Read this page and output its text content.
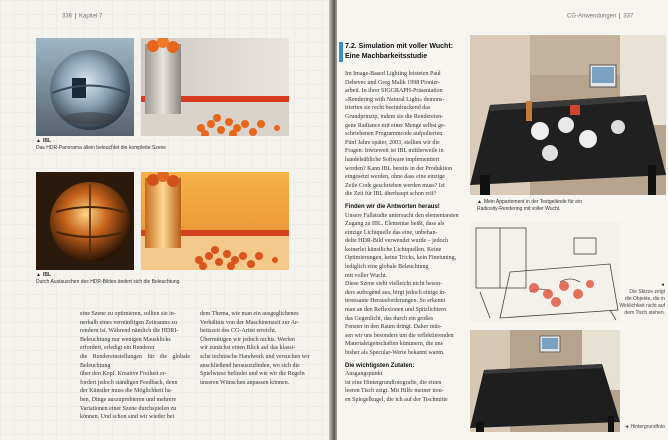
336 Kapitel 7
▲ IBL
Das HDR-Panorama allein beleuchtet die komplette Szene
▲ IBL
Durch Austauschen des HDR-Bildes ändert sich die Beleuchtung.
eine Szene zu optimieren, sollten sie in-
nerhalb eines vernünftigen Zeitraums zu
rendern ist. Während nämlich die HDRI-
Beleuchtung nur wenigen Mausklicks
erfordert, erledigt ein Renderer
die Rendereinstellungen für die globale Beleuchtung
über den Kopf. Kreative Freiheit er-
fordert jedoch ständigen Feedback, denn
der Künstler muss die Möglichkeit ha-
ben, Dinge auszuprobieren und mehrere
Variationen einer Szene durchspielen zu
können. Und schon sind wir wieder bei
dem Thema, wie man ein ausgeglichenes
Verhältnis von der Maschinenzeit zur Ar-
beitszeit des CG-Artist erreicht.
Übermütigen wir jedoch nichts. Werfen
wir zunächst einen Blick auf das klassi-
sche technische Handwerk und versuchen wir
anschließend herauszufinden, wo sich die
Spielwiese befindet und wie wir die Regeln
unseren Wünschen anpassen können.
CG-Anwendungen 337
7.2. Simulation mit voller Wucht:
Eine Machbarkeitsstudie
Im Image-Based Lighting leisteten Paul
Debevec und Greg Malik 1998 Pionier-
arbeit. In ihrer SIGGRAPH-Präsentation
»Rendering with Natural Light« demons-
trierten sie recht beeindruckend das
Grundprinzip, indem sie die Rendereien-
gene Radiance mit einer Menge selbst ge-
schriebenen Programmcode aufpolierten.
Fünf Jahre später, 2003, stellten wir die
Fragen: Inwieweit ist IBL mittlerweile in
handelsübliche Software implementiert
worden? Kann IBL bereits in der Produktion
eingesetzt werden, ohne dass eine einzige
Zeile Code geschrieben werden muss? Ist
die Zeit für IBL überhaupt schon reif?
Finden wir die Antworten heraus!
Unsere Fallstudie untersucht den elementarsten
Zugang zu IBL. Elementar heißt, dass als
einzige Lichtquelle das eine, unbehan-
delte HDR-Bild verwendet wurde – jedoch
keinerlei künstliche Lichtquellen. Keine
Optimierungen, keine Tricks, kein Finetuning,
lediglich eine globale Beleuchtung
mit voller Wucht.
Diese Szene sieht vielleicht nicht beson-
ders aufregend aus, birgt jedoch einige in-
teressante Herausforderungen. So erkennt
man an den Reflexionen und Spitzlichtern
das Gegenlicht, das durch ein großes
Fenster in den Raum dringt. Daher müs-
sen wir uns besonders um die reflektierenden
Materialeigenschaften kümmern, die uns
bisher als Specular-Werte bekannt waren.
Die wichtigsten Zutaten:
Ausgangspunkt
ist eine Hintergrundfotografie, die einen
leeren Tisch zeigt. Mit Hilfe meiner treu-
en Spiegelkugel, die ich auf der Tischmitte
▲ Mein Appartement in der Testgelände für ein
Radiosity-Rendering mit voller Wucht.
◄
Die Skizze zeigt
die Objekte, die in
Wirklichkeit nicht auf
dem Tisch stehen.
◄ Hintergrundfoto
